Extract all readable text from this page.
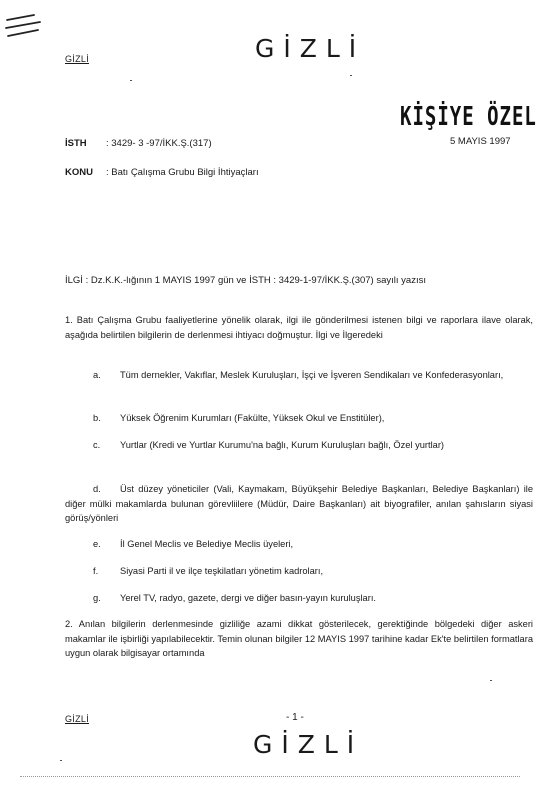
GİZLİ	GİZLİ
KİŞİYE ÖZEL
İSTH : 3429- 3 -97/İKK.Ş.(317)	5 MAYIS 1997
KONU : Batı Çalışma Grubu Bilgi İhtiyaçları
İLGİ : Dz.K.K.-lığının 1 MAYIS 1997 gün ve İSTH : 3429-1-97/İKK.Ş.(307) sayılı yazısı
1. Batı Çalışma Grubu faaliyetlerine yönelik olarak, ilgi ile gönderilmesi istenen bilgi ve raporlara ilave olarak, aşağıda belirtilen bilgilerin de derlenmesi ihtiyacı doğmuştur. İlgi ve İlgeredeki
a.	Tüm dernekler, Vakıflar, Meslek Kuruluşları, İşçi ve İşveren Sendikaları ve Konfederasyonları,
b. Yüksek Öğrenim Kurumları (Fakülte, Yüksek Okul ve Enstitüler),
c.	Yurtlar (Kredi ve Yurtlar Kurumu'na bağlı, Kurum Kuruluşları bağlı, Özel yurtlar)
d.	Üst düzey yöneticiler (Vali, Kaymakam, Büyükşehir Belediye Başkanları, Belediye Başkanları) ile diğer mülki makamlarda bulunan görevliilere (Müdür, Daire Başkanları) ait biyografiler, anılan şahısların siyasi görüş/yönleri
e. İl Genel Meclis ve Belediye Meclis üyeleri,
f. Siyasi Parti il ve ilçe teşkilatları yönetim kadroları,
g. Yerel TV, radyo, gazete, dergi ve diğer basın-yayın kuruluşları.
2. Anılan bilgilerin derlenmesinde gizliliğe azami dikkat gösterilecek, gerektiğinde bölgedeki diğer askeri makamlar ile işbirliği yapılabilecektir. Temin olunan bilgiler 12 MAYIS 1997 tarihine kadar Ek'te belirtilen formatlara uygun olarak bilgisayar ortamında
GİZLİ	- 1 -
GİZLİ
